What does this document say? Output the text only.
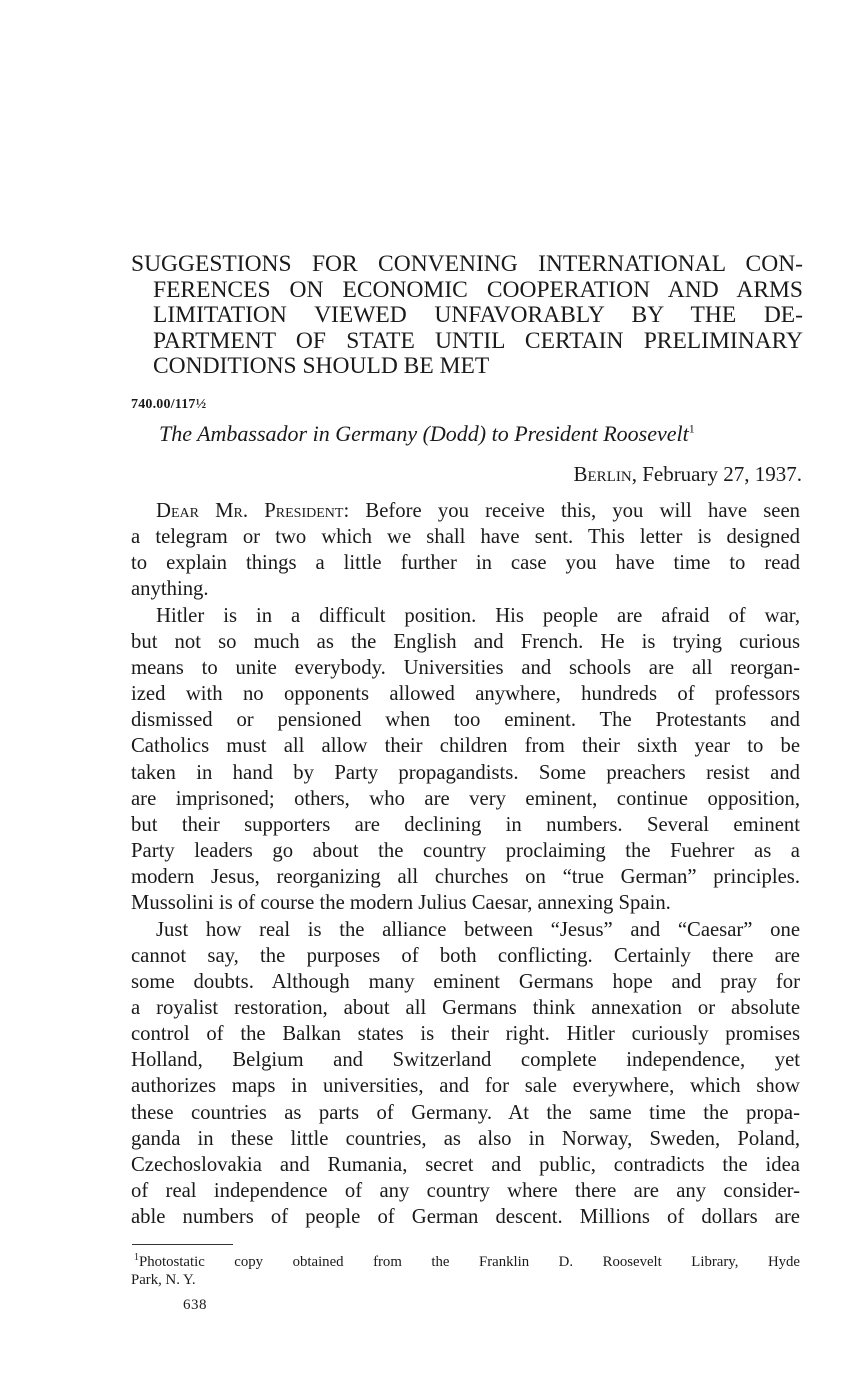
SUGGESTIONS FOR CONVENING INTERNATIONAL CON-
FERENCES ON ECONOMIC COOPERATION AND ARMS
LIMITATION VIEWED UNFAVORABLY BY THE DE-
PARTMENT OF STATE UNTIL CERTAIN PRELIMINARY
CONDITIONS SHOULD BE MET
740.00/117½
The Ambassador in Germany (Dodd) to President Roosevelt$^1$
Berlin, February 27, 1937.

Dear Mr. President: Before you receive this, you will have seen
a telegram or two which we shall have sent. This letter is designed
to explain things a little further in case you have time to read
anything.

Hitler is in a difficult position. His people are afraid of war,
but not so much as the English and French. He is trying curious
means to unite everybody. Universities and schools are all reorgan-
ized with no opponents allowed anywhere, hundreds of professors
dismissed or pensioned when too eminent. The Protestants and
Catholics must all allow their children from their sixth year to be
taken in hand by Party propagandists. Some preachers resist and
are imprisoned; others, who are very eminent, continue opposition,
but their supporters are declining in numbers. Several eminent
Party leaders go about the country proclaiming the Fuehrer as a
modern Jesus, reorganizing all churches on “true German” principles.
Mussolini is of course the modern Julius Caesar, annexing Spain.

Just how real is the alliance between “Jesus” and “Caesar” one
cannot say, the purposes of both conflicting. Certainly there are
some doubts. Although many eminent Germans hope and pray for
a royalist restoration, about all Germans think annexation or absolute
control of the Balkan states is their right. Hitler curiously promises
Holland, Belgium and Switzerland complete independence, yet
authorizes maps in universities, and for sale everywhere, which show
these countries as parts of Germany. At the same time the propa-
ganda in these little countries, as also in Norway, Sweden, Poland,
Czechoslovakia and Rumania, secret and public, contradicts the idea
of real independence of any country where there are any consider-
able numbers of people of German descent. Millions of dollars are

$^1$Photostatic copy obtained from the Franklin D. Roosevelt Library, Hyde
Park, N. Y.
638
